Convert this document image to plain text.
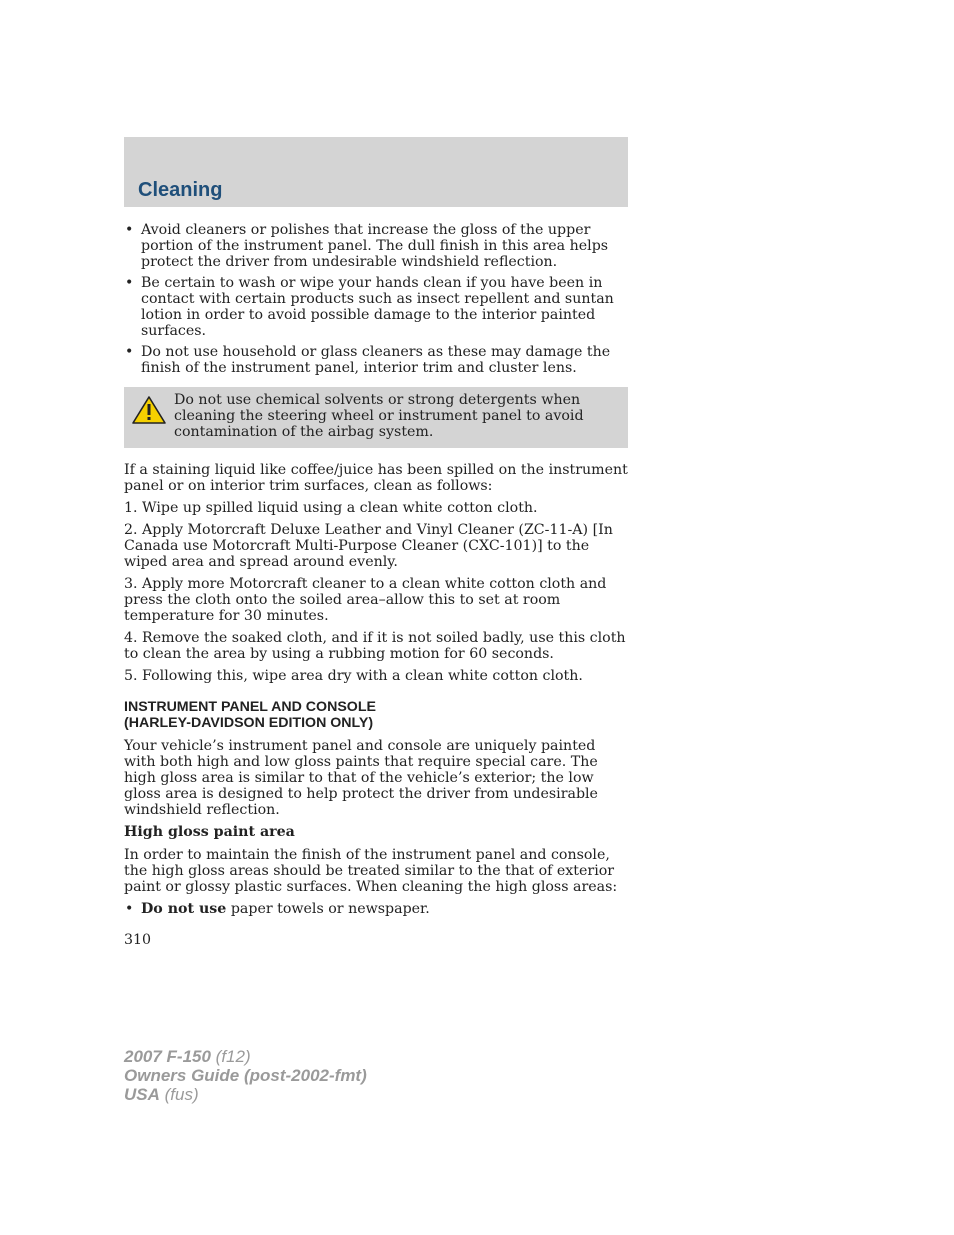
Cleaning
• Avoid cleaners or polishes that increase the gloss of the upper portion of the instrument panel. The dull finish in this area helps protect the driver from undesirable windshield reflection.
• Be certain to wash or wipe your hands clean if you have been in contact with certain products such as insect repellent and suntan lotion in order to avoid possible damage to the interior painted surfaces.
• Do not use household or glass cleaners as these may damage the finish of the instrument panel, interior trim and cluster lens.

Do not use chemical solvents or strong detergents when cleaning the steering wheel or instrument panel to avoid contamination of the airbag system.

If a staining liquid like coffee/juice has been spilled on the instrument panel or on interior trim surfaces, clean as follows:

1. Wipe up spilled liquid using a clean white cotton cloth.

2. Apply Motorcraft Deluxe Leather and Vinyl Cleaner (ZC-11-A) [In Canada use Motorcraft Multi-Purpose Cleaner (CXC-101)] to the wiped area and spread around evenly.

3. Apply more Motorcraft cleaner to a clean white cotton cloth and press the cloth onto the soiled area–allow this to set at room temperature for 30 minutes.

4. Remove the soaked cloth, and if it is not soiled badly, use this cloth to clean the area by using a rubbing motion for 60 seconds.

5. Following this, wipe area dry with a clean white cotton cloth.

INSTRUMENT PANEL AND CONSOLE
(HARLEY-DAVIDSON EDITION ONLY)

Your vehicle’s instrument panel and console are uniquely painted with both high and low gloss paints that require special care. The high gloss area is similar to that of the vehicle’s exterior; the low gloss area is designed to help protect the driver from undesirable windshield reflection.

High gloss paint area

In order to maintain the finish of the instrument panel and console, the high gloss areas should be treated similar to the that of exterior paint or glossy plastic surfaces. When cleaning the high gloss areas:

• Do not use paper towels or newspaper.

310

2007 F-150 (f12)
Owners Guide (post-2002-fmt)
USA (fus)
